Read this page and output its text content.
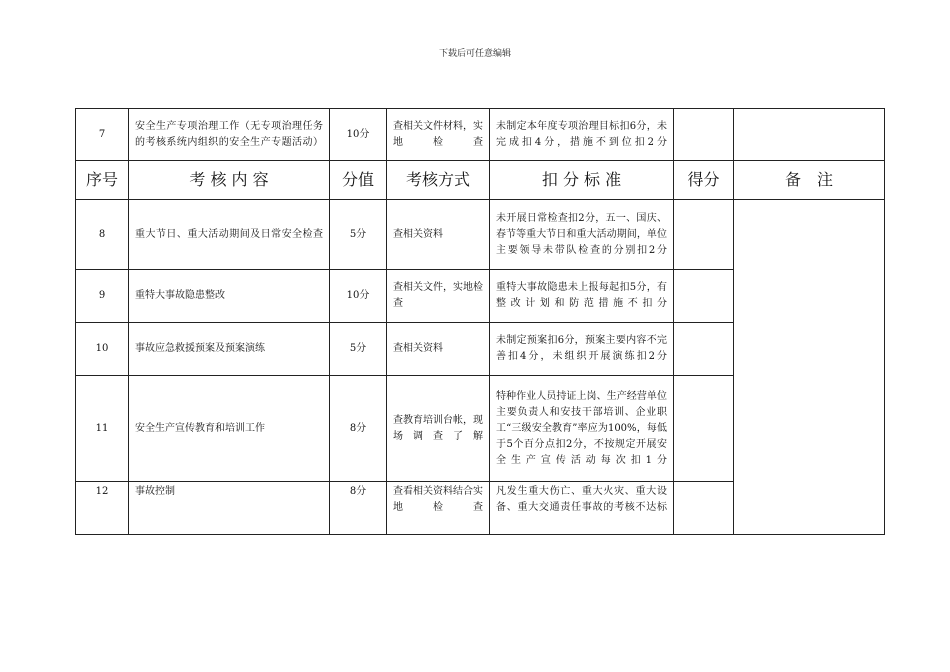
下载后可任意编辑
7	安全生产专项治理工作（无专项治理任务的考核系统内组织的安全生产专题活动）	10分	查相关文件材料，实地检查	未制定本年度专项治理目标扣6分，未完成扣4分，措施不到位扣2分		
序号	考 核 内 容	分值	考核方式	扣 分 标 准	得分	备　注
8	重大节日、重大活动期间及日常安全检查	5分	查相关资料	未开展日常检查扣2分，五一、国庆、春节等重大节日和重大活动期间，单位主要领导未带队检查的分别扣2分		
9	重特大事故隐患整改	10分	查相关文件，实地检查	重特大事故隐患未上报每起扣5分，有整改计划和防范措施不扣分		
10	事故应急救援预案及预案演练	5分	查相关资料	未制定预案扣6分，预案主要内容不完善扣4分，未组织开展演练扣2分		
11	安全生产宣传教育和培训工作	8分	查教育培训台帐，现场调查了解	特种作业人员持证上岗、生产经营单位主要负责人和安技干部培训、企业职工“三级安全教育”率应为100%，每低于5个百分点扣2分，不按规定开展安全生产宣传活动每次扣1分		
12	事故控制	8分	查看相关资料结合实地检查	凡发生重大伤亡、重大火灾、重大设备、重大交通责任事故的考核不达标		
